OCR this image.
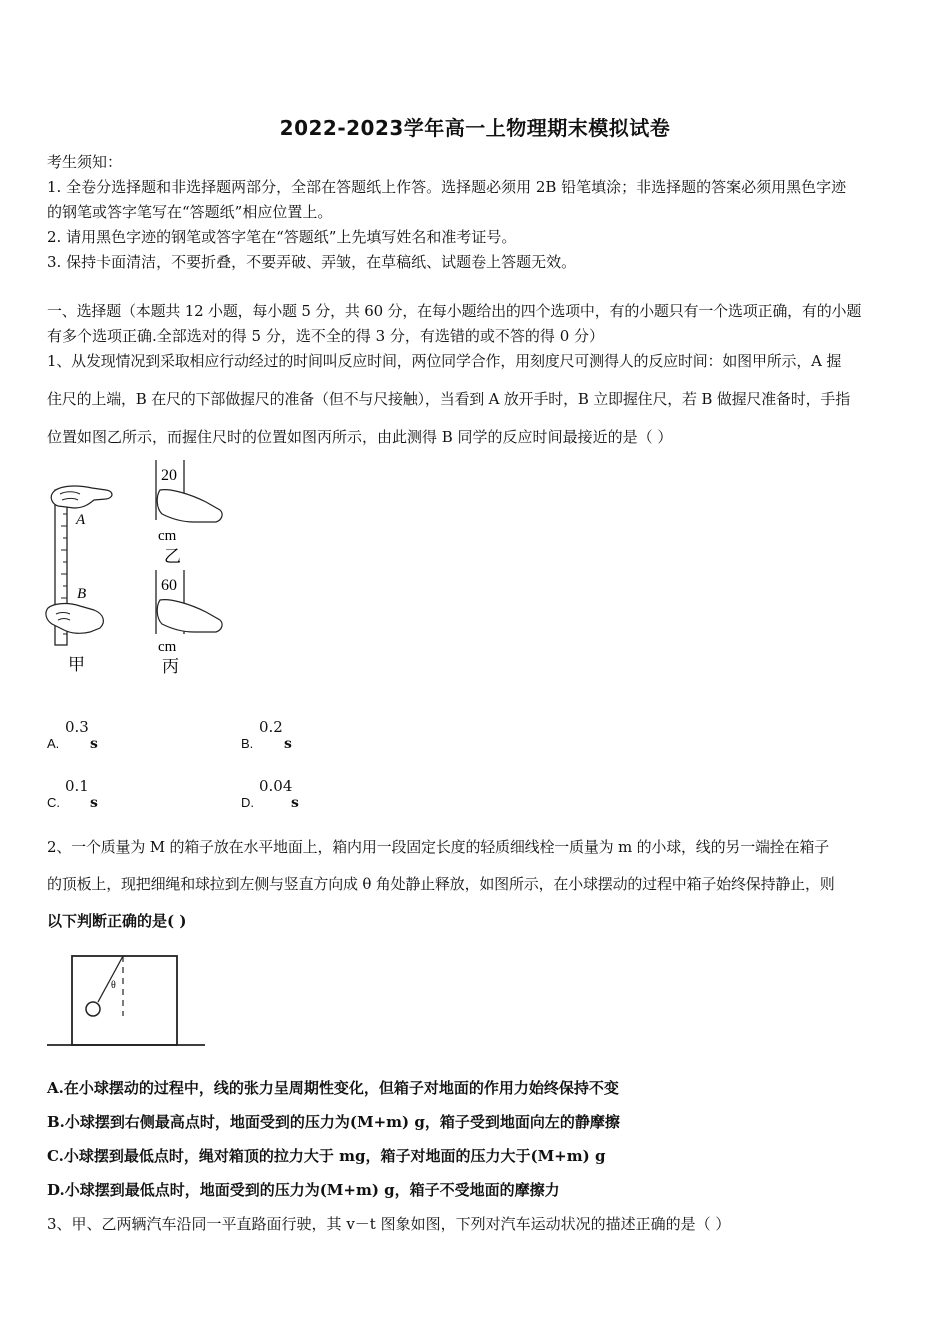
2022-2023学年高一上物理期末模拟试卷
考生须知：
1. 全卷分选择题和非选择题两部分，全部在答题纸上作答。选择题必须用 2B 铅笔填涂；非选择题的答案必须用黑色字迹
的钢笔或答字笔写在“答题纸”相应位置上。
2. 请用黑色字迹的钢笔或答字笔在“答题纸”上先填写姓名和准考证号。
3. 保持卡面清洁，不要折叠，不要弄破、弄皱，在草稿纸、试题卷上答题无效。
一、选择题（本题共 12 小题，每小题 5 分，共 60 分，在每小题给出的四个选项中，有的小题只有一个选项正确，有的小题
有多个选项正确.全部选对的得 5 分，选不全的得 3 分，有选错的或不答的得 0 分）
1、从发现情况到采取相应行动经过的时间叫反应时间，两位同学合作，用刻度尺可测得人的反应时间：如图甲所示，A 握
住尺的上端，B 在尺的下部做握尺的准备（但不与尺接触），当看到 A 放开手时，B 立即握住尺，若 B 做握尺准备时，手指
位置如图乙所示，而握住尺时的位置如图丙所示，由此测得 B 同学的反应时间最接近的是（ ）
A
B
甲
20
cm
乙
60
cm
丙
A.
0.3
s	B.
0.2
s
C.
0.1
s	D.
0.04
s
2、一个质量为 M 的箱子放在水平地面上，箱内用一段固定长度的轻质细线栓一质量为 m 的小球，线的另一端拴在箱子
的顶板上，现把细绳和球拉到左侧与竖直方向成 θ 角处静止释放，如图所示，在小球摆动的过程中箱子始终保持静止，则
以下判断正确的是( )
θ
A.在小球摆动的过程中，线的张力呈周期性变化，但箱子对地面的作用力始终保持不变
B.小球摆到右侧最高点时，地面受到的压力为(M+m) g，箱子受到地面向左的静摩擦
C.小球摆到最低点时，绳对箱顶的拉力大于 mg，箱子对地面的压力大于(M+m) g
D.小球摆到最低点时，地面受到的压力为(M+m) g，箱子不受地面的摩擦力
3、甲、乙两辆汽车沿同一平直路面行驶，其 v－t 图象如图，下列对汽车运动状况的描述正确的是（ ）
